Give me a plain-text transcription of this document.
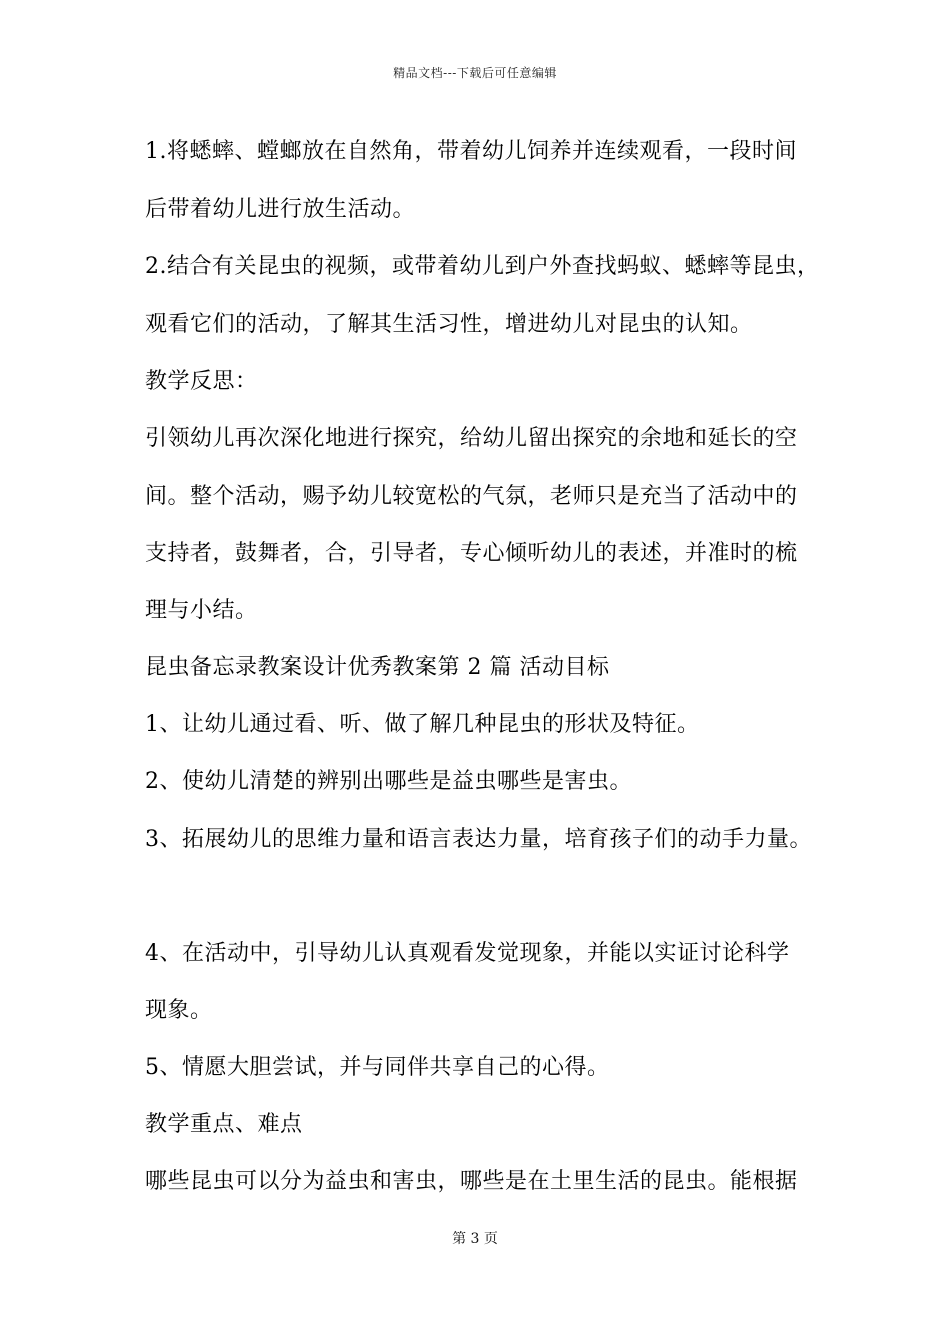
精品文档---下载后可任意编辑
1.将蟋蟀、螳螂放在自然角，带着幼儿饲养并连续观看，一段时间
后带着幼儿进行放生活动。
2.结合有关昆虫的视频，或带着幼儿到户外查找蚂蚁、蟋蟀等昆虫，
观看它们的活动，了解其生活习性，增进幼儿对昆虫的认知。
教学反思：
引领幼儿再次深化地进行探究，给幼儿留出探究的余地和延长的空
间。整个活动，赐予幼儿较宽松的气氛，老师只是充当了活动中的
支持者，鼓舞者，合，引导者，专心倾听幼儿的表述，并准时的梳
理与小结。
昆虫备忘录教案设计优秀教案第 2 篇 活动目标
1、让幼儿通过看、听、做了解几种昆虫的形状及特征。
2、使幼儿清楚的辨别出哪些是益虫哪些是害虫。
3、拓展幼儿的思维力量和语言表达力量，培育孩子们的动手力量。
4、在活动中，引导幼儿认真观看发觉现象，并能以实证讨论科学
现象。
5、情愿大胆尝试，并与同伴共享自己的心得。
教学重点、难点
哪些昆虫可以分为益虫和害虫，哪些是在土里生活的昆虫。能根据
第 3 页
